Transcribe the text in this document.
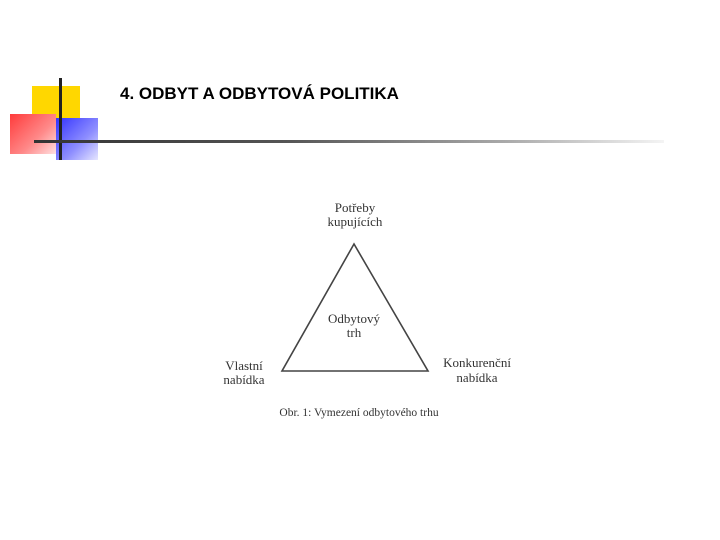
4. ODBYT A ODBYTOVÁ POLITIKA
Potřeby
kupujících
Odbytový
trh
Vlastní
nabídka
Konkurenční
nabídka
Obr. 1: Vymezení odbytového trhu
